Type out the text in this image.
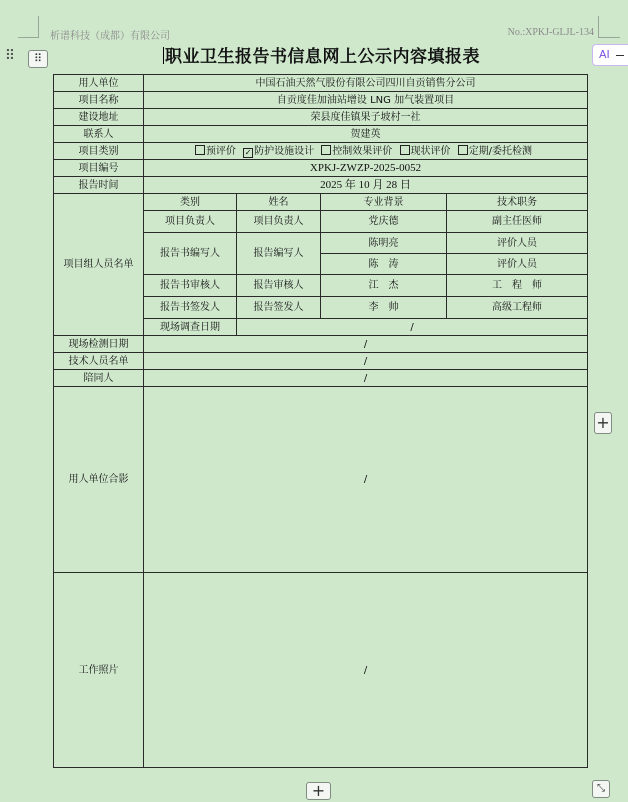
析谱科技（成都）有限公司	No.:XPKJ-GLJL-134
⠿	⠿	AI
职业卫生报告书信息网上公示内容填报表
用人单位	中国石油天然气股份有限公司四川自贡销售分公司			
项目名称	自贡度佳加油站增设 LNG 加气装置项目			
建设地址	荣县度佳镇果子坡村一社			
联系人	贺建英			
项目类别	预评价 ✓ 防护设施设计 控制效果评价 现状评价 定期/委托检测			
项目编号	XPKJ-ZWZP-2025-0052			
报告时间	2025 年 10 月 28 日			
项目组人员名单	类别	姓名	专业背景	技术职务
	项目负责人	项目负责人	党庆德	副主任医师
	报告书编写人	报告编写人	陈明亮	评价人员
			陈　涛	评价人员
	报告书审核人	报告审核人	江　杰	工　程　师
	报告书签发人	报告签发人	李　帅	高级工程师
	现场调查日期	/		
现场检测日期	/			
技术人员名单	/			
陪同人	/			
用人单位合影	/			
工作照片	/			
+
+	⤡
